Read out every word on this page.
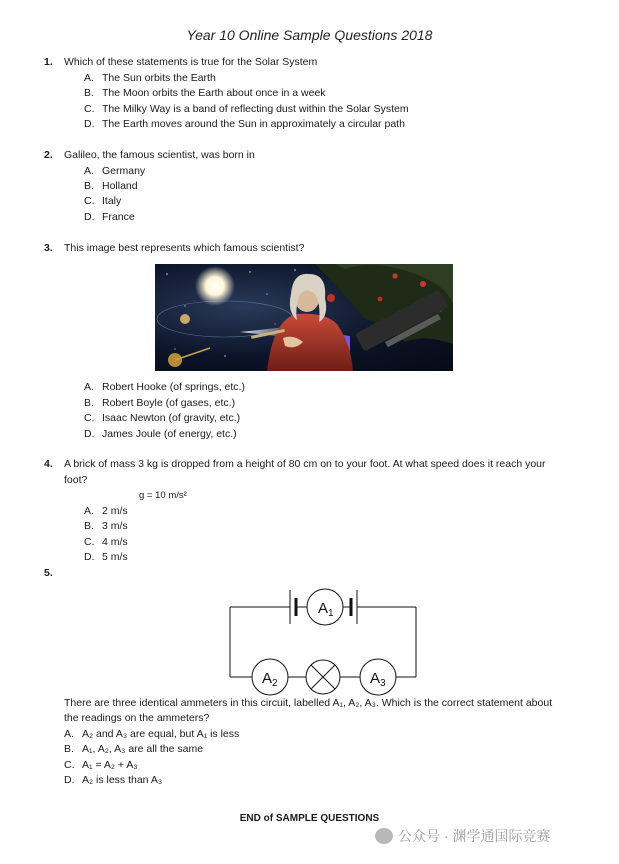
Year 10 Online Sample Questions 2018
1.	Which of these statements is true for the Solar System
A. The Sun orbits the Earth
B. The Moon orbits the Earth about once in a week
C. The Milky Way is a band of reflecting dust within the Solar System
D. The Earth moves around the Sun in approximately a circular path
2.	Galileo, the famous scientist, was born in
A. Germany
B. Holland
C. Italy
D. France
3.	This image best represents which famous scientist?
A. Robert Hooke (of springs, etc.)
B. Robert Boyle (of gases, etc.)
C. Isaac Newton (of gravity, etc.)
D. James Joule (of energy, etc.)
4.	A brick of mass 3 kg is dropped from a height of 80 cm on to your foot. At what speed does it reach your
foot?
g = 10 m/s²
A. 2 m/s
B. 3 m/s
C. 4 m/s
D. 5 m/s
5.
$A_1$
$A_2$	$A_3$
There are three identical ammeters in this circuit, labelled A₁, A₂, A₃. Which is the correct statement about
the readings on the ammeters?
A. A₂ and A₃ are equal, but A₁ is less
B. A₁, A₂, A₃ are all the same
C. A₁ = A₂ + A₃
D. A₂ is less than A₃
END of SAMPLE QUESTIONS
公众号 · 渊学通国际竞赛
